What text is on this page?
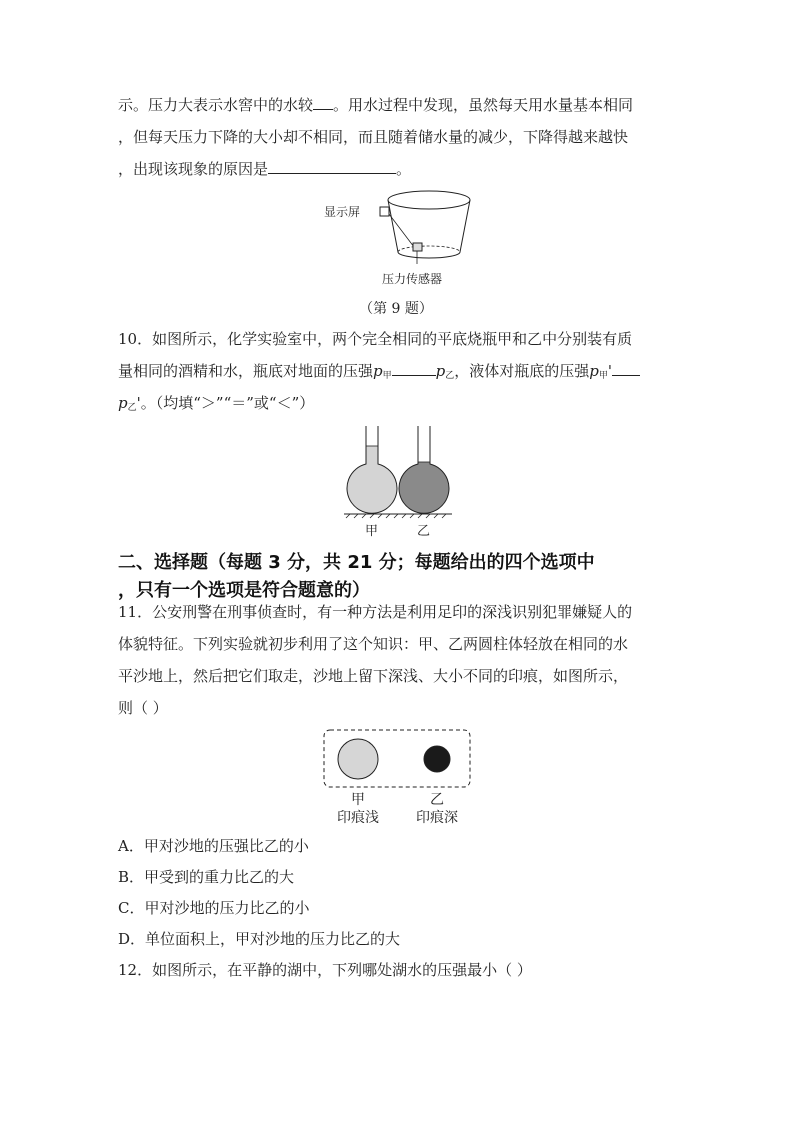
示。压力大表示水窖中的水较 。用水过程中发现，虽然每天用水量基本相同
，但每天压力下降的大小却不相同，而且随着储水量的减少，下降得越来越快
，出现该现象的原因是	。
显示屏
压力传感器
（第 9 题）
10．如图所示，化学实验室中，两个完全相同的平底烧瓶甲和乙中分别装有质
量相同的酒精和水，瓶底对地面的压强$p_甲$	$p_乙$，液体对瓶底的压强$p_甲'$
$p_乙'$。（均填“＞”“＝”或“＜”）
甲	乙
二、选择题（每题 3 分，共 21 分；每题给出的四个选项中
，只有一个选项是符合题意的）
11．公安刑警在刑事侦查时，有一种方法是利用足印的深浅识别犯罪嫌疑人的
体貌特征。下列实验就初步利用了这个知识：甲、乙两圆柱体轻放在相同的水
平沙地上，然后把它们取走，沙地上留下深浅、大小不同的印痕，如图所示，
则（ ）
甲
印痕浅
乙
印痕深
A．甲对沙地的压强比乙的小
B．甲受到的重力比乙的大
C．甲对沙地的压力比乙的小
D．单位面积上，甲对沙地的压力比乙的大
12．如图所示，在平静的湖中，下列哪处湖水的压强最小（ ）
